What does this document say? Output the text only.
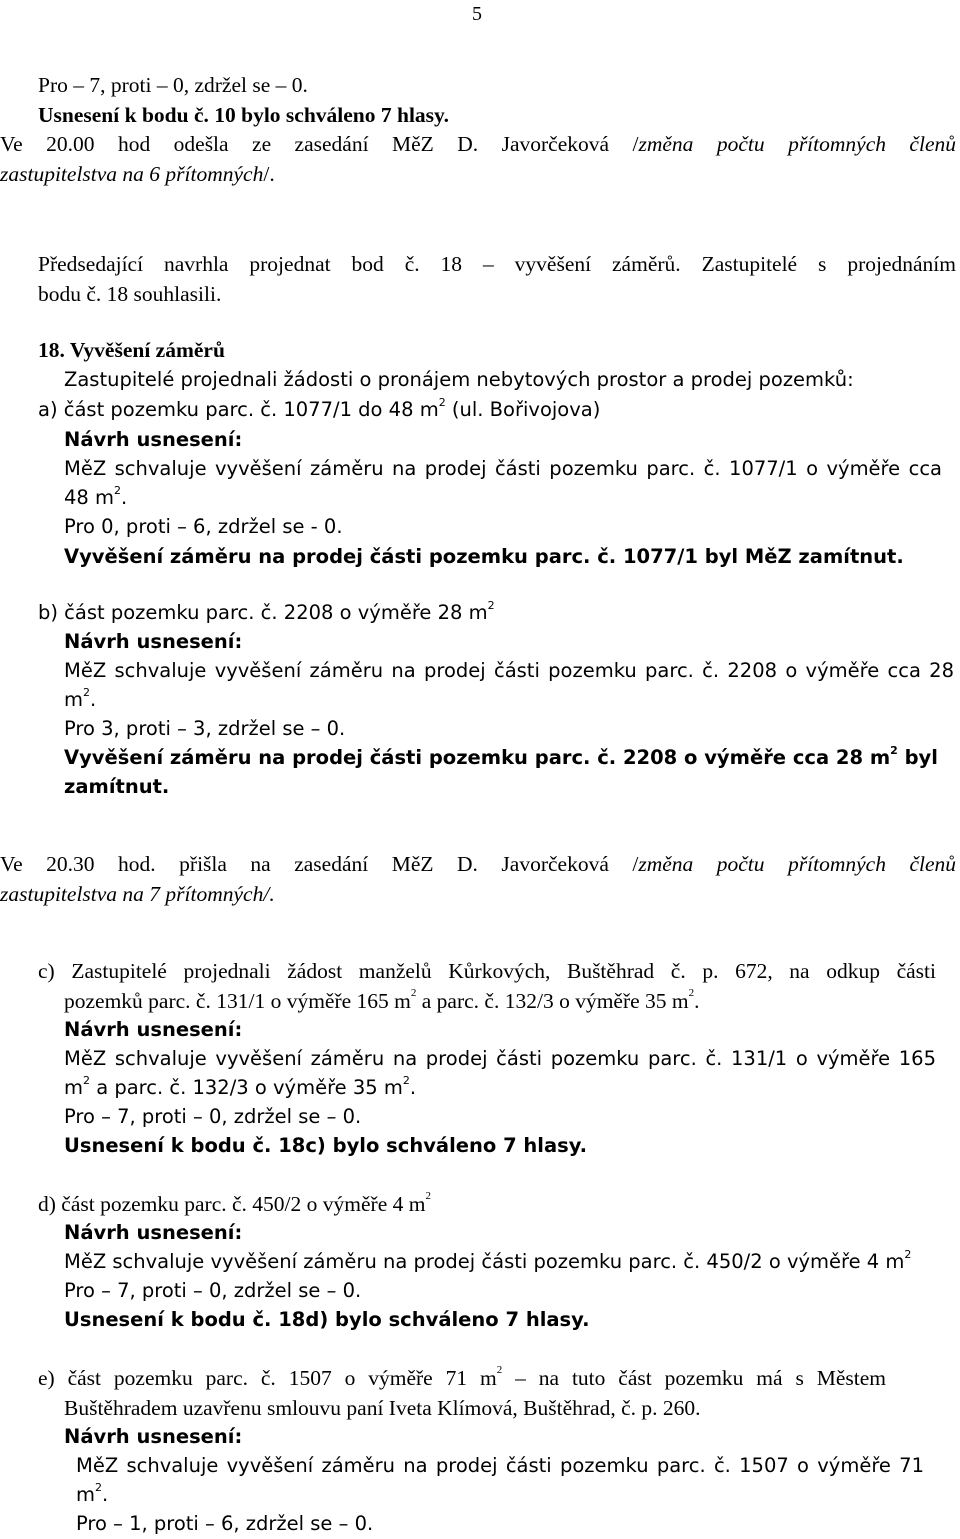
5
Pro – 7, proti – 0, zdržel se – 0.
Usnesení k bodu č. 10 bylo schváleno 7 hlasy.
Ve 20.00 hod odešla ze zasedání MěZ D. Javorčeková /změna počtu přítomných členů
zastupitelstva na 6 přítomných/.
Předsedající navrhla projednat bod č. 18 – vyvěšení záměrů. Zastupitelé s projednáním
bodu č. 18 souhlasili.
18. Vyvěšení záměrů
Zastupitelé projednali žádosti o pronájem nebytových prostor a prodej pozemků:
a) část pozemku parc. č. 1077/1 do 48 $m^2$ (ul. Bořivojova)
Návrh usnesení:
MěZ schvaluje vyvěšení záměru na prodej části pozemku parc. č. 1077/1 o výměře cca
48 $m^2$.
Pro 0, proti – 6, zdržel se - 0.
Vyvěšení záměru na prodej části pozemku parc. č. 1077/1 byl MěZ zamítnut.
b) část pozemku parc. č. 2208 o výměře 28 $m^2$
Návrh usnesení:
MěZ schvaluje vyvěšení záměru na prodej části pozemku parc. č. 2208 o výměře cca 28
$m^2$.
Pro 3, proti – 3, zdržel se – 0.
Vyvěšení záměru na prodej části pozemku parc. č. 2208 o výměře cca 28 $m^2$ byl
zamítnut.
Ve 20.30 hod. přišla na zasedání MěZ D. Javorčeková /změna počtu přítomných členů
zastupitelstva na 7 přítomných/.
c) Zastupitelé projednali žádost manželů Kůrkových, Buštěhrad č. p. 672, na odkup části
pozemků parc. č. 131/1 o výměře 165 $m^2$ a parc. č. 132/3 o výměře 35 $m^2$.
Návrh usnesení:
MěZ schvaluje vyvěšení záměru na prodej části pozemku parc. č. 131/1 o výměře 165
$m^2$ a parc. č. 132/3 o výměře 35 $m^2$.
Pro – 7, proti – 0, zdržel se – 0.
Usnesení k bodu č. 18c) bylo schváleno 7 hlasy.
d) část pozemku parc. č. 450/2 o výměře 4 $m^2$
Návrh usnesení:
MěZ schvaluje vyvěšení záměru na prodej části pozemku parc. č. 450/2 o výměře 4 $m^2$
Pro – 7, proti – 0, zdržel se – 0.
Usnesení k bodu č. 18d) bylo schváleno 7 hlasy.
e) část pozemku parc. č. 1507 o výměře 71 $m^2$ – na tuto část pozemku má s Městem
Buštěhradem uzavřenu smlouvu paní Iveta Klímová, Buštěhrad, č. p. 260.
Návrh usnesení:
MěZ schvaluje vyvěšení záměru na prodej části pozemku parc. č. 1507 o výměře 71
$m^2$.
Pro – 1, proti – 6, zdržel se – 0.
